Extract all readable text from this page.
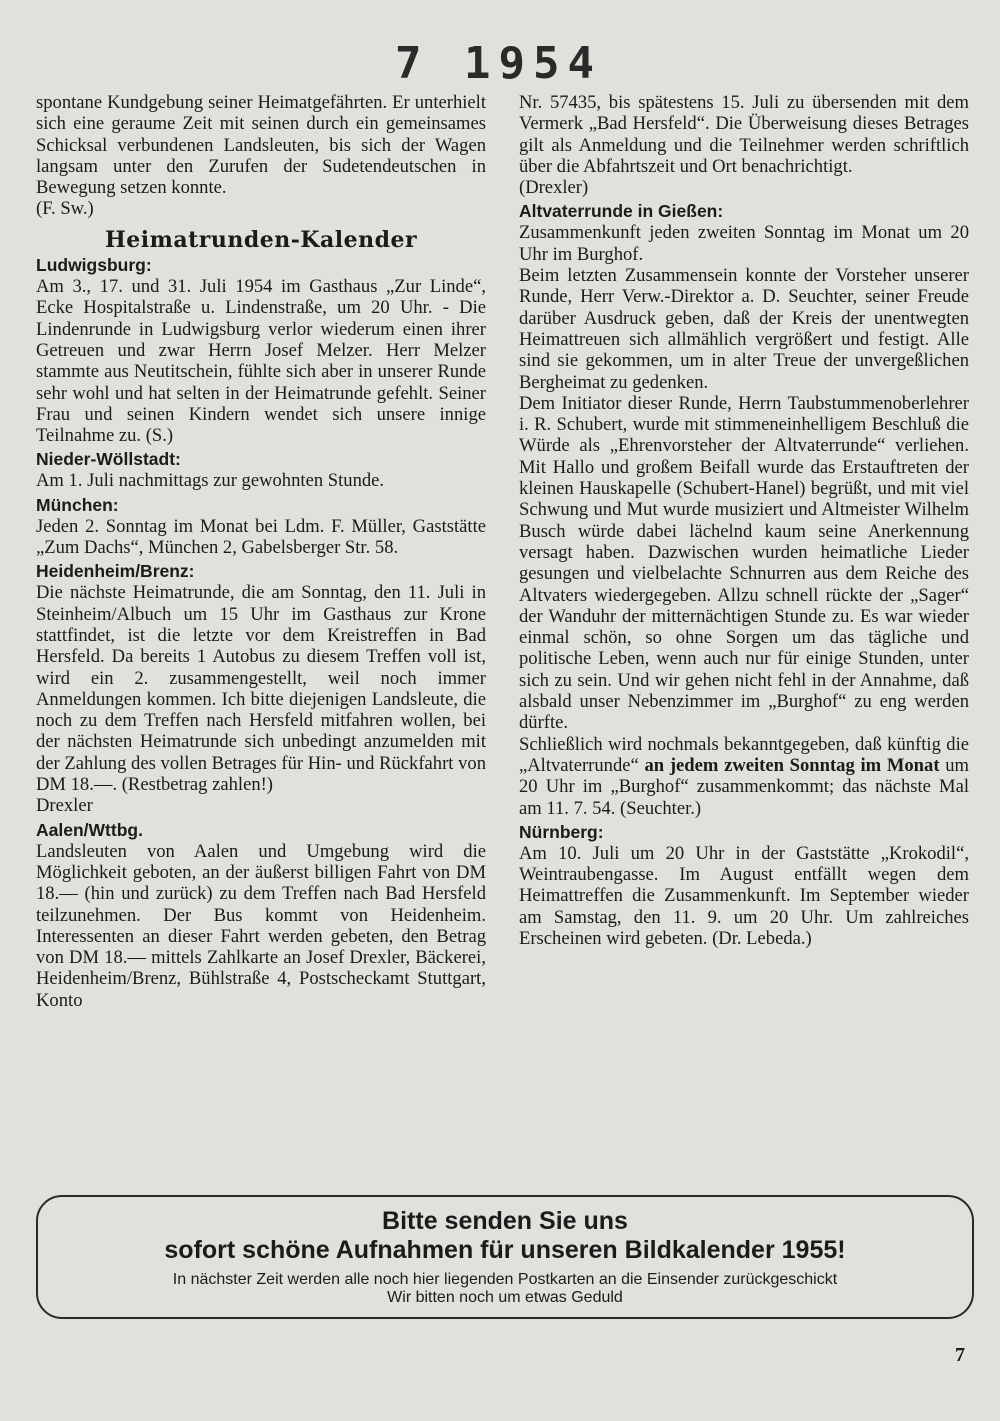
7 1954

spontane Kundgebung seiner Heimatgefährten. Er unterhielt sich eine geraume Zeit mit seinen durch ein gemeinsames Schicksal verbundenen Landsleuten, bis sich der Wagen langsam unter den Zurufen der Sudetendeutschen in Bewegung setzen konnte.

(F. Sw.)

Heimatrunden-Kalender
Ludwigsburg:

Am 3., 17. und 31. Juli 1954 im Gasthaus „Zur Linde“, Ecke Hospitalstraße u. Lindenstraße, um 20 Uhr. - Die Lindenrunde in Ludwigsburg verlor wiederum einen ihrer Getreuen und zwar Herrn Josef Melzer. Herr Melzer stammte aus Neutitschein, fühlte sich aber in unserer Runde sehr wohl und hat selten in der Heimatrunde gefehlt. Seiner Frau und seinen Kindern wendet sich unsere innige Teilnahme zu. (S.)

Nieder-Wöllstadt:

Am 1. Juli nachmittags zur gewohnten Stunde.

München:

Jeden 2. Sonntag im Monat bei Ldm. F. Müller, Gaststätte „Zum Dachs“, München 2, Gabelsberger Str. 58.

Heidenheim/Brenz:

Die nächste Heimatrunde, die am Sonntag, den 11. Juli in Steinheim/Albuch um 15 Uhr im Gasthaus zur Krone stattfindet, ist die letzte vor dem Kreistreffen in Bad Hersfeld. Da bereits 1 Autobus zu diesem Treffen voll ist, wird ein 2. zusammengestellt, weil noch immer Anmeldungen kommen. Ich bitte diejenigen Landsleute, die noch zu dem Treffen nach Hersfeld mitfahren wollen, bei der nächsten Heimatrunde sich unbedingt anzumelden mit der Zahlung des vollen Betrages für Hin- und Rückfahrt von DM 18.—. (Restbetrag zahlen!)

Drexler

Aalen/Wttbg.

Landsleuten von Aalen und Umgebung wird die Möglichkeit geboten, an der äußerst billigen Fahrt von DM 18.— (hin und zurück) zu dem Treffen nach Bad Hersfeld teilzunehmen. Der Bus kommt von Heidenheim. Interessenten an dieser Fahrt werden gebeten, den Betrag von DM 18.— mittels Zahlkarte an Josef Drexler, Bäckerei, Heidenheim/Brenz, Bühlstraße 4, Postscheckamt Stuttgart, Konto

Nr. 57435, bis spätestens 15. Juli zu übersenden mit dem Vermerk „Bad Hersfeld“. Die Überweisung dieses Betrages gilt als Anmeldung und die Teilnehmer werden schriftlich über die Abfahrtszeit und Ort benachrichtigt.

(Drexler)

Altvaterrunde in Gießen:

Zusammenkunft jeden zweiten Sonntag im Monat um 20 Uhr im Burghof.

Beim letzten Zusammensein konnte der Vorsteher unserer Runde, Herr Verw.-Direktor a. D. Seuchter, seiner Freude darüber Ausdruck geben, daß der Kreis der unentwegten Heimattreuen sich allmählich vergrößert und festigt. Alle sind sie gekommen, um in alter Treue der unvergeßlichen Bergheimat zu gedenken.

Dem Initiator dieser Runde, Herrn Taubstummenoberlehrer i. R. Schubert, wurde mit stimmeneinhelligem Beschluß die Würde als „Ehrenvorsteher der Altvaterrunde“ verliehen. Mit Hallo und großem Beifall wurde das Erstauftreten der kleinen Hauskapelle (Schubert-Hanel) begrüßt, und mit viel Schwung und Mut wurde musiziert und Altmeister Wilhelm Busch würde dabei lächelnd kaum seine Anerkennung versagt haben. Dazwischen wurden heimatliche Lieder gesungen und vielbelachte Schnurren aus dem Reiche des Altvaters wiedergegeben. Allzu schnell rückte der „Sager“ der Wanduhr der mitternächtigen Stunde zu. Es war wieder einmal schön, so ohne Sorgen um das tägliche und politische Leben, wenn auch nur für einige Stunden, unter sich zu sein. Und wir gehen nicht fehl in der Annahme, daß alsbald unser Nebenzimmer im „Burghof“ zu eng werden dürfte.

Schließlich wird nochmals bekanntgegeben, daß künftig die „Altvaterrunde“ an jedem zweiten Sonntag im Monat um 20 Uhr im „Burghof“ zusammenkommt; das nächste Mal am 11. 7. 54. (Seuchter.)

Nürnberg:

Am 10. Juli um 20 Uhr in der Gaststätte „Krokodil“, Weintraubengasse. Im August entfällt wegen dem Heimattreffen die Zusammenkunft. Im September wieder am Samstag, den 11. 9. um 20 Uhr. Um zahlreiches Erscheinen wird gebeten. (Dr. Lebeda.)

Bitte senden Sie uns
sofort schöne Aufnahmen für unseren Bildkalender 1955!
In nächster Zeit werden alle noch hier liegenden Postkarten an die Einsender zurückgeschickt
Wir bitten noch um etwas Geduld
7
